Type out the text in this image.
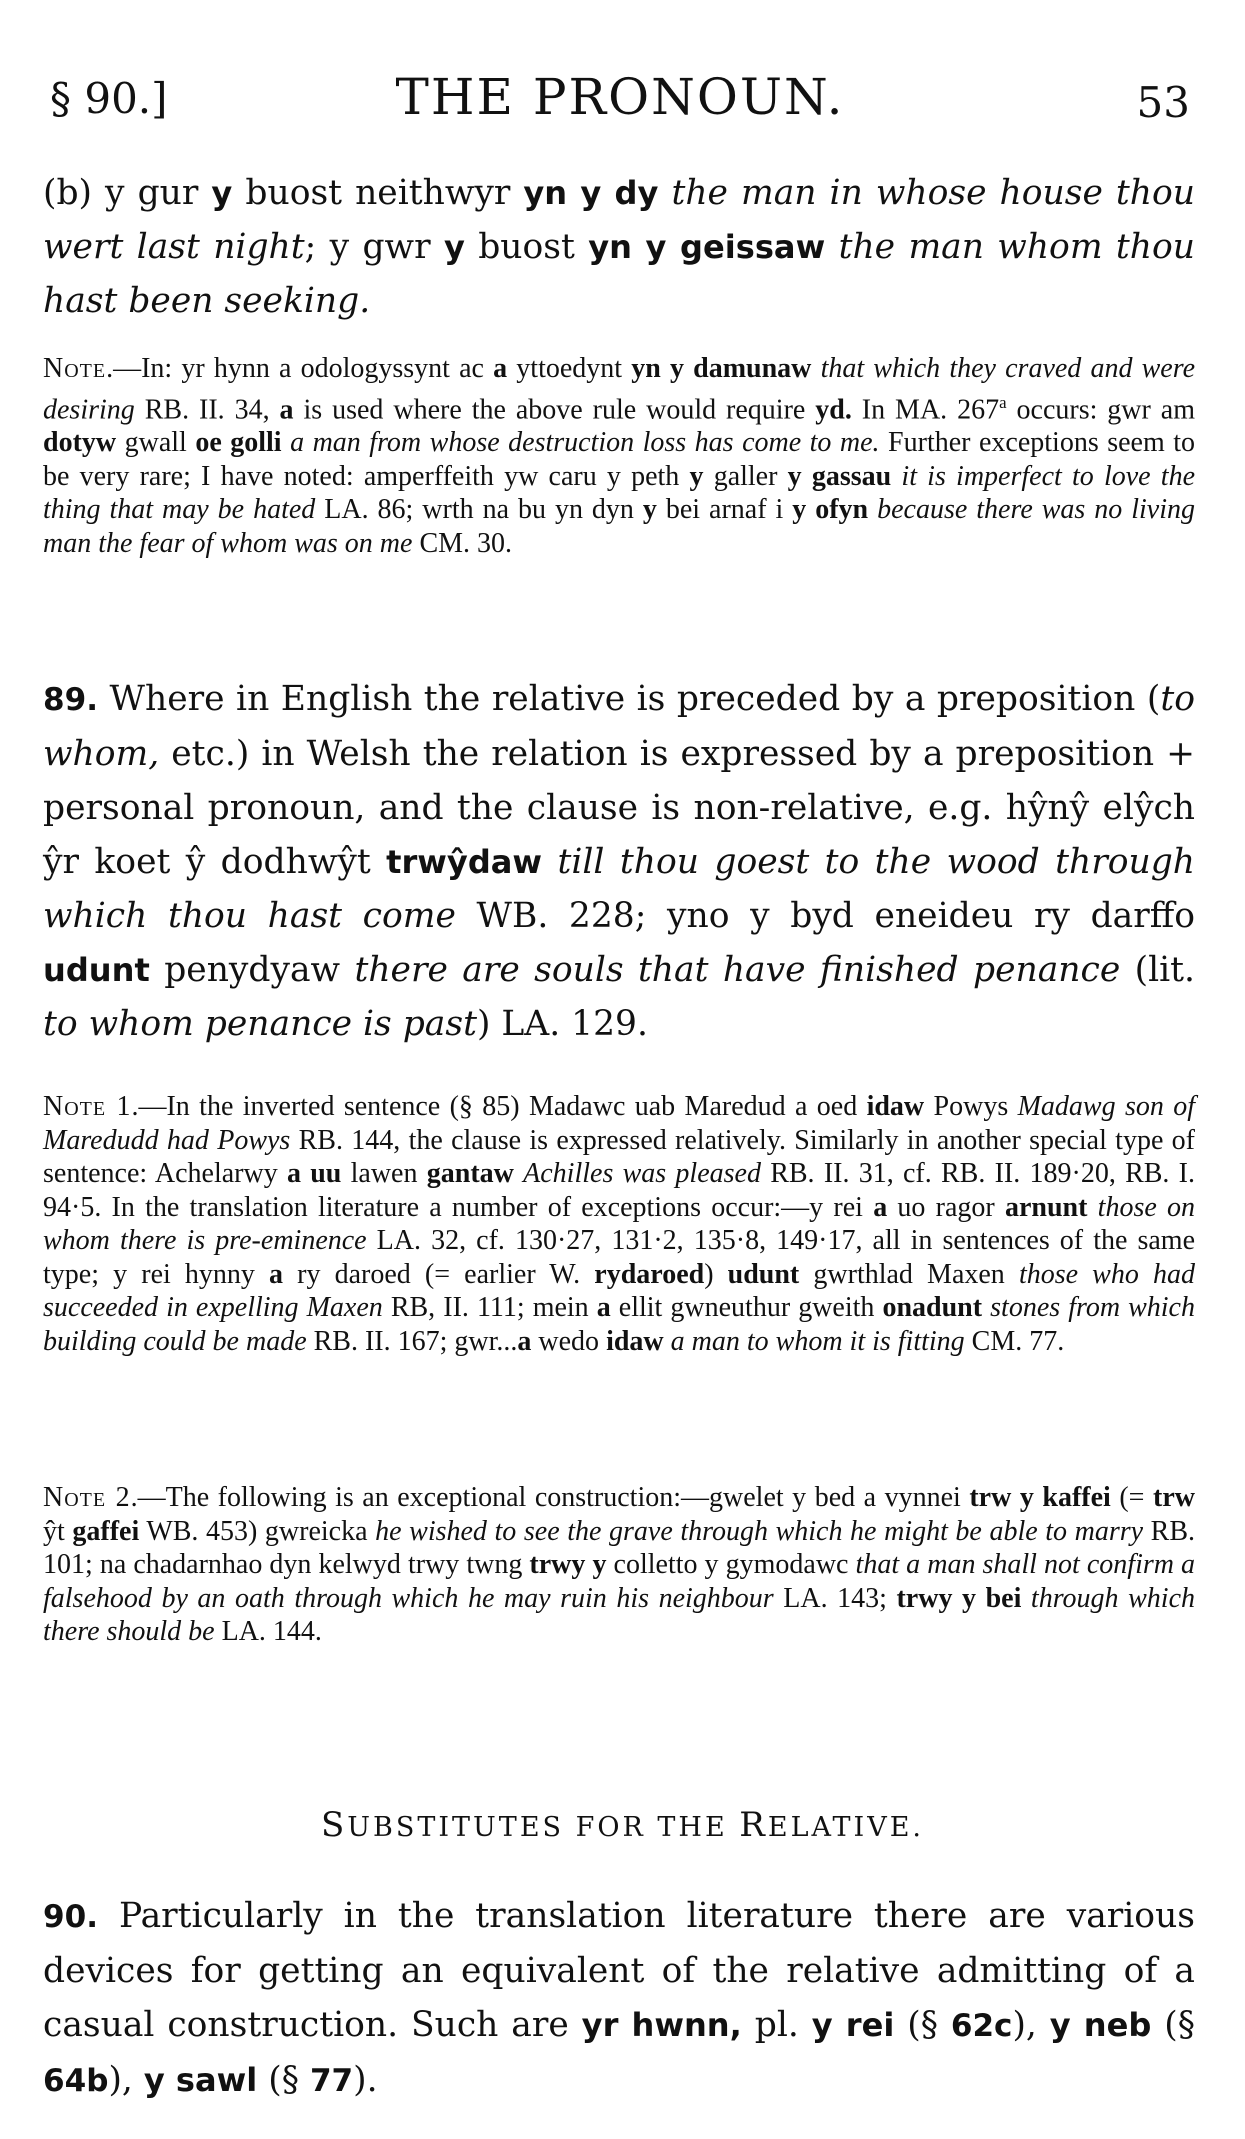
§ 90.]	THE PRONOUN.	53

(b) y gur y buost neithwyr yn y dy the man in whose house thou wert last night; y gwr y buost yn y geissaw the man whom thou hast been seeking.

Note.—In: yr hynn a odologyssynt ac a yttoedynt yn y damunaw that which they craved and were desiring RB. II. 34, a is used where the above rule would require yd. In MA. 267$^a$ occurs: gwr am dotyw gwall oe golli a man from whose destruction loss has come to me. Further exceptions seem to be very rare; I have noted: amperffeith yw caru y peth y galler y gassau it is imperfect to love the thing that may be hated LA. 86; wrth na bu yn dyn y bei arnaf i y ofyn because there was no living man the fear of whom was on me CM. 30.

89. Where in English the relative is preceded by a preposition (to whom, etc.) in Welsh the relation is expressed by a preposition + personal pronoun, and the clause is non-relative, e.g. hŷnŷ elŷch ŷr koet ŷ dodhwŷt trwŷdaw till thou goest to the wood through which thou hast come WB. 228; yno y byd eneideu ry darffo udunt penydyaw there are souls that have finished penance (lit. to whom penance is past) LA. 129.

Note 1.—In the inverted sentence (§ 85) Madawc uab Maredud a oed idaw Powys Madawg son of Maredudd had Powys RB. 144, the clause is expressed relatively. Similarly in another special type of sentence: Achelarwy a uu lawen gantaw Achilles was pleased RB. II. 31, cf. RB. II. 189·20, RB. I. 94·5. In the translation literature a number of exceptions occur:—y rei a uo ragor arnunt those on whom there is pre-eminence LA. 32, cf. 130·27, 131·2, 135·8, 149·17, all in sentences of the same type; y rei hynny a ry daroed (= earlier W. rydaroed) udunt gwrthlad Maxen those who had succeeded in expelling Maxen RB, II. 111; mein a ellit gwneuthur gweith onadunt stones from which building could be made RB. II. 167; gwr...a wedo idaw a man to whom it is fitting CM. 77.

Note 2.—The following is an exceptional construction:—gwelet y bed a vynnei trw y kaffei (= trw ŷt gaffei WB. 453) gwreicka he wished to see the grave through which he might be able to marry RB. 101; na chadarnhao dyn kelwyd trwy twng trwy y colletto y gymodawc that a man shall not confirm a falsehood by an oath through which he may ruin his neighbour LA. 143; trwy y bei through which there should be LA. 144.

SUBSTITUTES FOR THE RELATIVE.

90. Particularly in the translation literature there are various devices for getting an equivalent of the relative admitting of a casual construction. Such are yr hwnn, pl. y rei (§ 62c), y neb (§ 64b), y sawl (§ 77).
